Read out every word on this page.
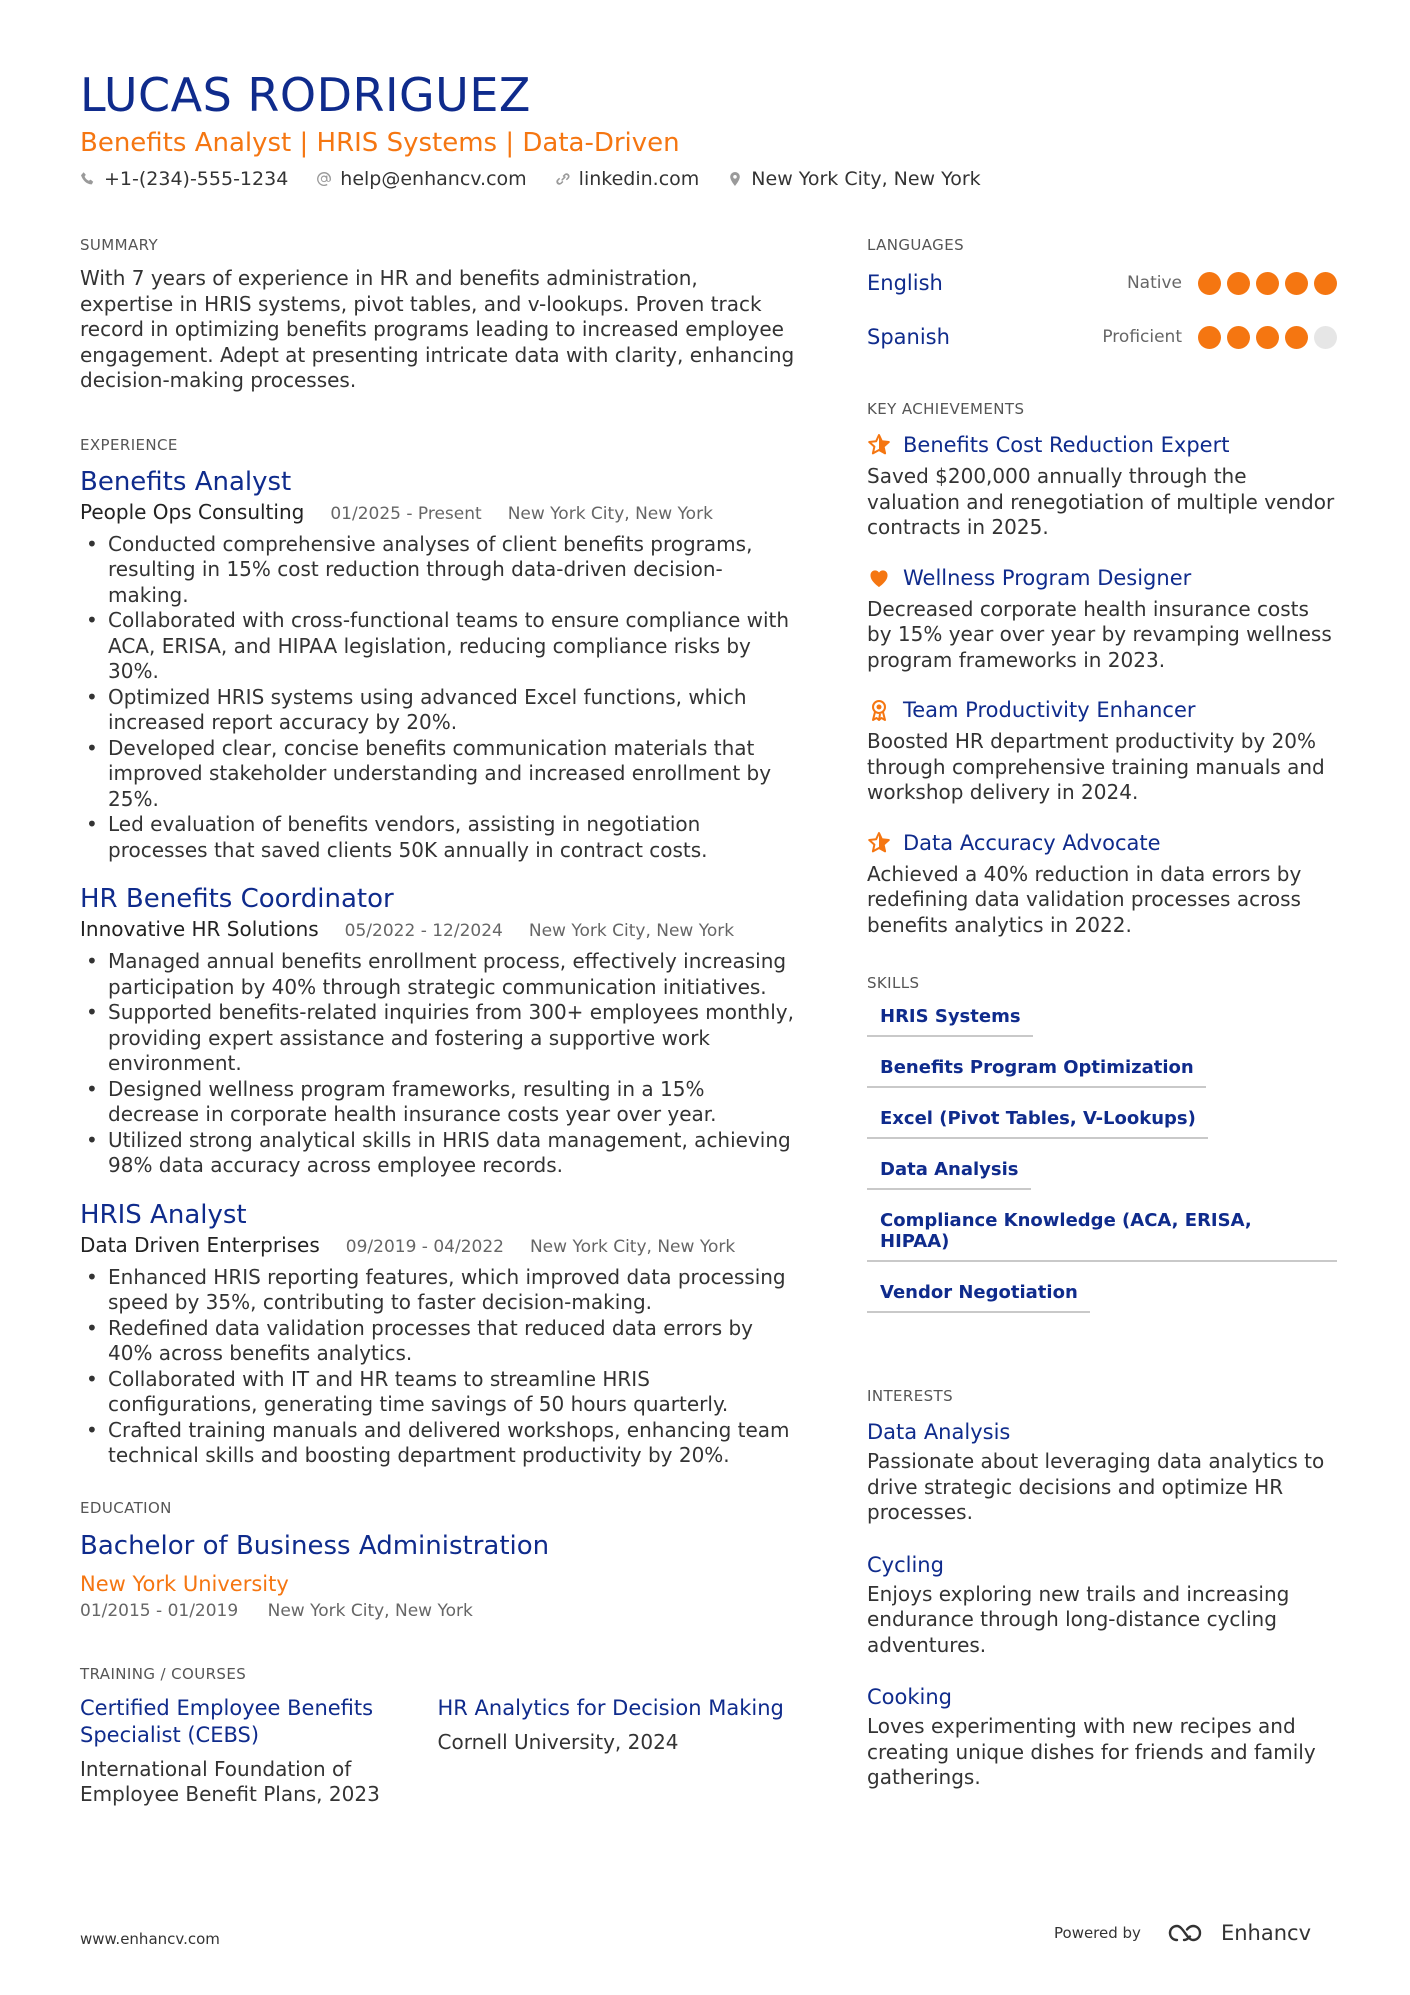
LUCAS RODRIGUEZ
Benefits Analyst | HRIS Systems | Data-Driven
+1-(234)-555-1234	help@enhancv.com	linkedin.com	New York City, New York
SUMMARY
With 7 years of experience in HR and benefits administration, expertise in HRIS systems, pivot tables, and v-lookups. Proven track record in optimizing benefits programs leading to increased employee engagement. Adept at presenting intricate data with clarity, enhancing decision-making processes.
EXPERIENCE
Benefits Analyst
People Ops Consulting 01/2025 - Present New York City, New York
• Conducted comprehensive analyses of client benefits programs, resulting in 15% cost reduction through data-driven decision-making.
• Collaborated with cross-functional teams to ensure compliance with ACA, ERISA, and HIPAA legislation, reducing compliance risks by 30%.
• Optimized HRIS systems using advanced Excel functions, which increased report accuracy by 20%.
• Developed clear, concise benefits communication materials that improved stakeholder understanding and increased enrollment by 25%.
• Led evaluation of benefits vendors, assisting in negotiation processes that saved clients 50K annually in contract costs.
HR Benefits Coordinator
Innovative HR Solutions 05/2022 - 12/2024 New York City, New York
• Managed annual benefits enrollment process, effectively increasing participation by 40% through strategic communication initiatives.
• Supported benefits-related inquiries from 300+ employees monthly, providing expert assistance and fostering a supportive work environment.
• Designed wellness program frameworks, resulting in a 15% decrease in corporate health insurance costs year over year.
• Utilized strong analytical skills in HRIS data management, achieving 98% data accuracy across employee records.
HRIS Analyst
Data Driven Enterprises 09/2019 - 04/2022 New York City, New York
• Enhanced HRIS reporting features, which improved data processing speed by 35%, contributing to faster decision-making.
• Redefined data validation processes that reduced data errors by 40% across benefits analytics.
• Collaborated with IT and HR teams to streamline HRIS configurations, generating time savings of 50 hours quarterly.
• Crafted training manuals and delivered workshops, enhancing team technical skills and boosting department productivity by 20%.
EDUCATION
Bachelor of Business Administration
New York University
01/2015 - 01/2019 New York City, New York
TRAINING / COURSES
Certified Employee Benefits Specialist (CEBS)
International Foundation of Employee Benefit Plans, 2023
HR Analytics for Decision Making
Cornell University, 2024
LANGUAGES
English	Native
Spanish	Proficient
KEY ACHIEVEMENTS
Benefits Cost Reduction Expert
Saved $200,000 annually through the valuation and renegotiation of multiple vendor contracts in 2025.
Wellness Program Designer
Decreased corporate health insurance costs by 15% year over year by revamping wellness program frameworks in 2023.
Team Productivity Enhancer
Boosted HR department productivity by 20% through comprehensive training manuals and workshop delivery in 2024.
Data Accuracy Advocate
Achieved a 40% reduction in data errors by redefining data validation processes across benefits analytics in 2022.
SKILLS
HRIS Systems
Benefits Program Optimization
Excel (Pivot Tables, V-Lookups)
Data Analysis
Compliance Knowledge (ACA, ERISA, HIPAA)
Vendor Negotiation
INTERESTS
Data Analysis
Passionate about leveraging data analytics to drive strategic decisions and optimize HR processes.
Cycling
Enjoys exploring new trails and increasing endurance through long-distance cycling adventures.
Cooking
Loves experimenting with new recipes and creating unique dishes for friends and family gatherings.
www.enhancv.com	Powered by	Enhancv
